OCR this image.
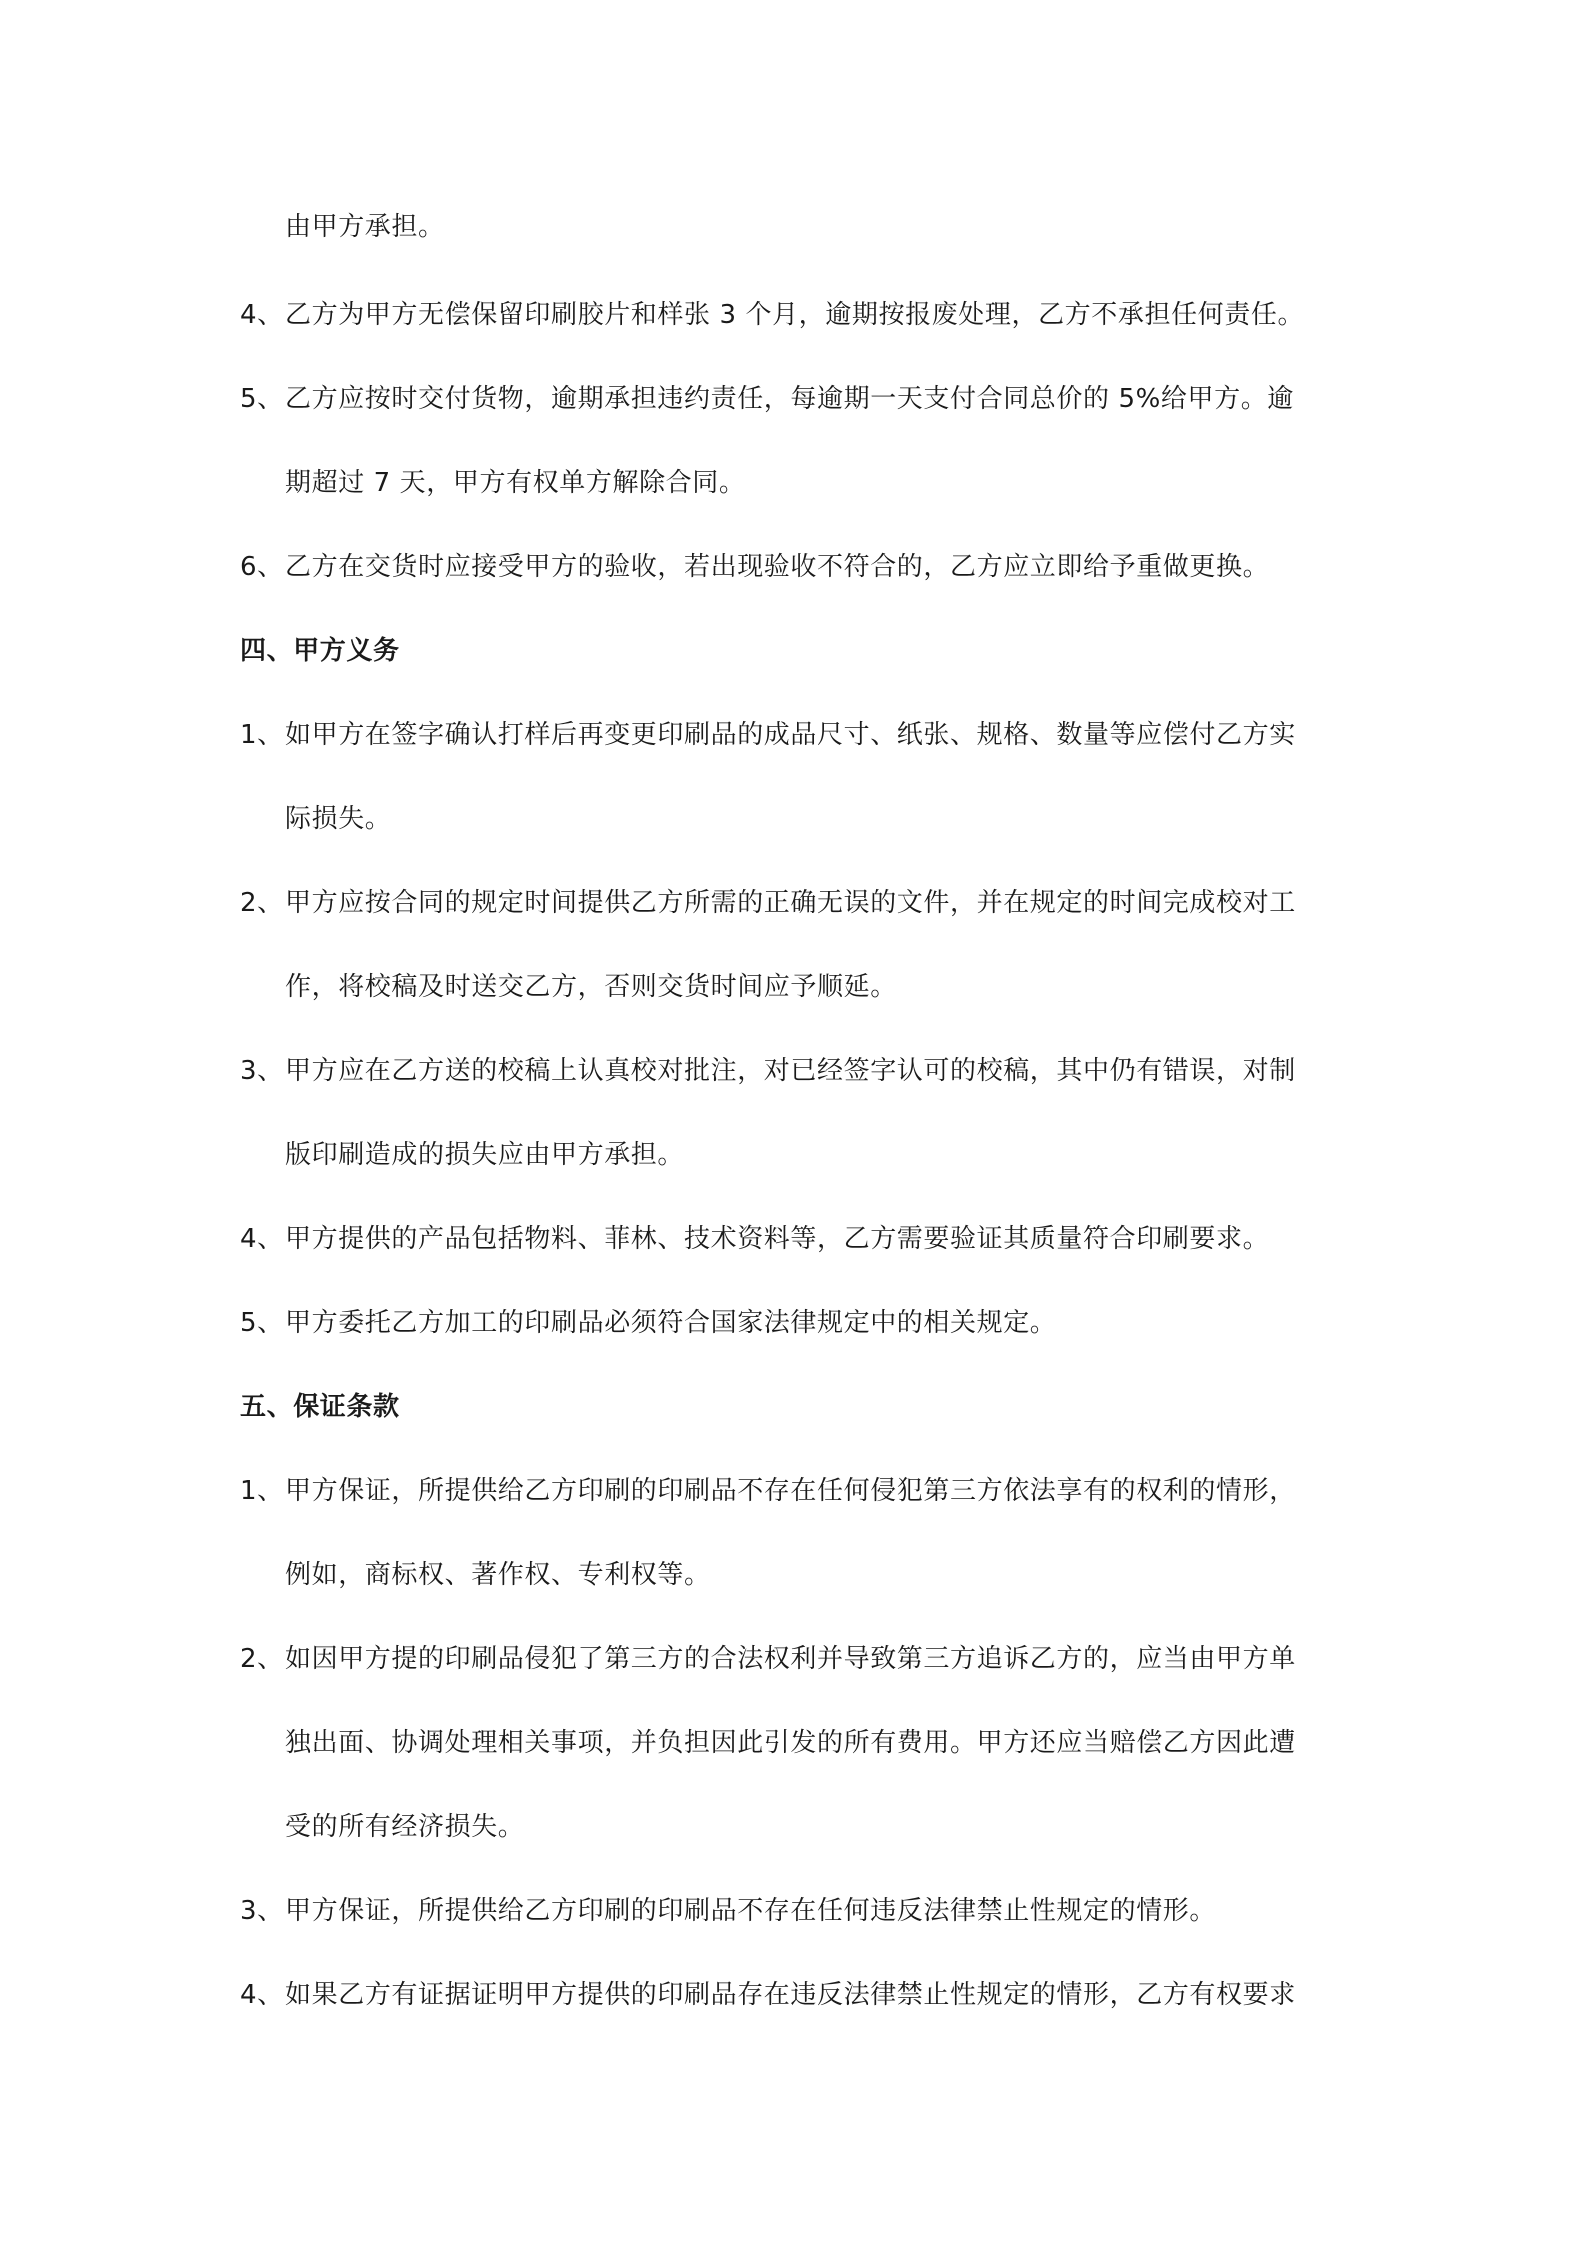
由甲方承担。
4、 乙方为甲方无偿保留印刷胶片和样张 3 个月，逾期按报废处理，乙方不承担任何责任。
5、 乙方应按时交付货物，逾期承担违约责任，每逾期一天支付合同总价的 5%给甲方。逾
期超过 7 天，甲方有权单方解除合同。
6、 乙方在交货时应接受甲方的验收，若出现验收不符合的，乙方应立即给予重做更换。
四、甲方义务
1、 如甲方在签字确认打样后再变更印刷品的成品尺寸、纸张、规格、数量等应偿付乙方实
际损失。
2、 甲方应按合同的规定时间提供乙方所需的正确无误的文件，并在规定的时间完成校对工
作，将校稿及时送交乙方，否则交货时间应予顺延。
3、 甲方应在乙方送的校稿上认真校对批注，对已经签字认可的校稿，其中仍有错误，对制
版印刷造成的损失应由甲方承担。
4、 甲方提供的产品包括物料、菲林、技术资料等，乙方需要验证其质量符合印刷要求。
5、 甲方委托乙方加工的印刷品必须符合国家法律规定中的相关规定。
五、保证条款
1、 甲方保证，所提供给乙方印刷的印刷品不存在任何侵犯第三方依法享有的权利的情形，
例如，商标权、著作权、专利权等。
2、 如因甲方提的印刷品侵犯了第三方的合法权利并导致第三方追诉乙方的，应当由甲方单
独出面、协调处理相关事项，并负担因此引发的所有费用。甲方还应当赔偿乙方因此遭
受的所有经济损失。
3、 甲方保证，所提供给乙方印刷的印刷品不存在任何违反法律禁止性规定的情形。
4、 如果乙方有证据证明甲方提供的印刷品存在违反法律禁止性规定的情形，乙方有权要求
